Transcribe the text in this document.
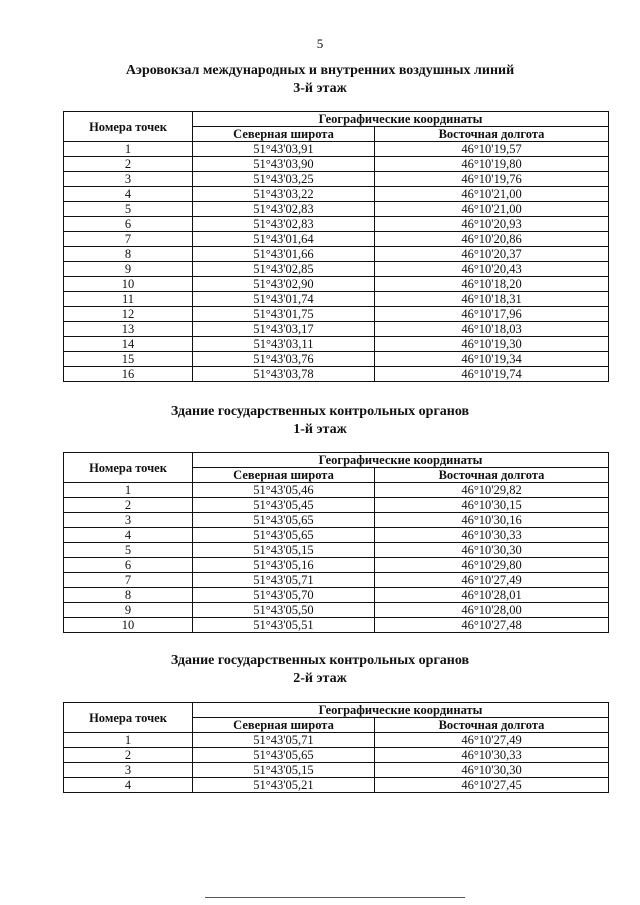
5
Аэровокзал международных и внутренних воздушных линий
3-й этаж
Номера точек	Географические координаты	
	Северная широта	Восточная долгота
1	51°43'03,91	46°10'19,57
2	51°43'03,90	46°10'19,80
3	51°43'03,25	46°10'19,76
4	51°43'03,22	46°10'21,00
5	51°43'02,83	46°10'21,00
6	51°43'02,83	46°10'20,93
7	51°43'01,64	46°10'20,86
8	51°43'01,66	46°10'20,37
9	51°43'02,85	46°10'20,43
10	51°43'02,90	46°10'18,20
11	51°43'01,74	46°10'18,31
12	51°43'01,75	46°10'17,96
13	51°43'03,17	46°10'18,03
14	51°43'03,11	46°10'19,30
15	51°43'03,76	46°10'19,34
16	51°43'03,78	46°10'19,74
Здание государственных контрольных органов
1-й этаж
Номера точек	Географические координаты	
	Северная широта	Восточная долгота
1	51°43'05,46	46°10'29,82
2	51°43'05,45	46°10'30,15
3	51°43'05,65	46°10'30,16
4	51°43'05,65	46°10'30,33
5	51°43'05,15	46°10'30,30
6	51°43'05,16	46°10'29,80
7	51°43'05,71	46°10'27,49
8	51°43'05,70	46°10'28,01
9	51°43'05,50	46°10'28,00
10	51°43'05,51	46°10'27,48
Здание государственных контрольных органов
2-й этаж
Номера точек	Географические координаты	
	Северная широта	Восточная долгота
1	51°43'05,71	46°10'27,49
2	51°43'05,65	46°10'30,33
3	51°43'05,15	46°10'30,30
4	51°43'05,21	46°10'27,45
